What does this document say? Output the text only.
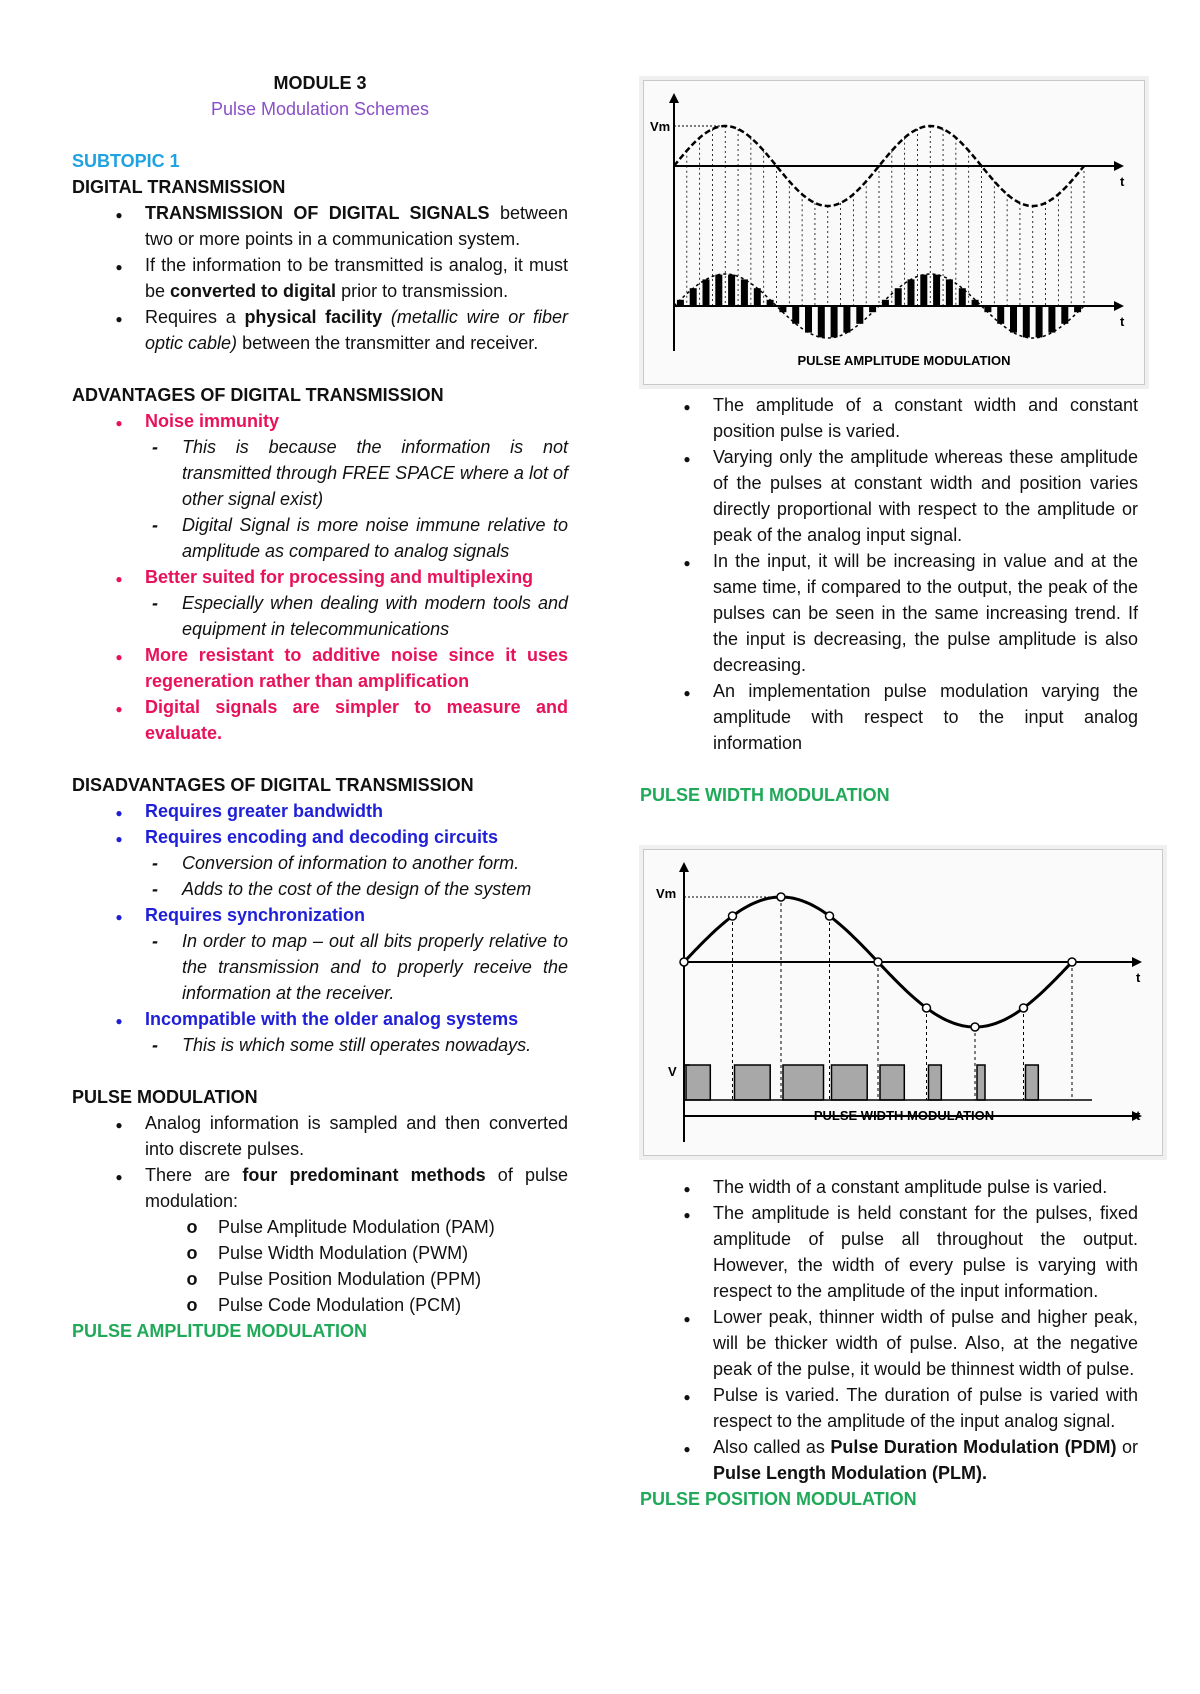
MODULE 3
Pulse Modulation Schemes
SUBTOPIC 1
DIGITAL TRANSMISSION
●
TRANSMISSION OF DIGITAL SIGNALS between two or more points in a communication system.
●
If the information to be transmitted is analog, it must be converted to digital prior to transmission.
●
Requires a physical facility (metallic wire or fiber optic cable) between the transmitter and receiver.
ADVANTAGES OF DIGITAL TRANSMISSION
●
Noise immunity
-
This is because the information is not transmitted through FREE SPACE where a lot of other signal exist)
-
Digital Signal is more noise immune relative to amplitude as compared to analog signals
●
Better suited for processing and multiplexing
-
Especially when dealing with modern tools and equipment in telecommunications
●
More resistant to additive noise since it uses regeneration rather than amplification
●
Digital signals are simpler to measure and evaluate.
DISADVANTAGES OF DIGITAL TRANSMISSION
●
Requires greater bandwidth
●
Requires encoding and decoding circuits
-
Conversion of information to another form.
-
Adds to the cost of the design of the system
●
Requires synchronization
-
In order to map – out all bits properly relative to the transmission and to properly receive the information at the receiver.
●
Incompatible with the older analog systems
-
This is which some still operates nowadays.
PULSE MODULATION
●
Analog information is sampled and then converted into discrete pulses.
●
There are four predominant methods of pulse modulation:
o
Pulse Amplitude Modulation (PAM)
o
Pulse Width Modulation (PWM)
o
Pulse Position Modulation (PPM)
o
Pulse Code Modulation (PCM)
PULSE AMPLITUDE MODULATION
Vm
t
t
PULSE AMPLITUDE MODULATION
●
The amplitude of a constant width and constant position pulse is varied.
●
Varying only the amplitude whereas these amplitude of the pulses at constant width and position varies directly proportional with respect to the amplitude or peak of the analog input signal.
●
In the input, it will be increasing in value and at the same time, if compared to the output, the peak of the pulses can be seen in the same increasing trend. If the input is decreasing, the pulse amplitude is also decreasing.
●
An implementation pulse modulation varying the amplitude with respect to the input analog information
PULSE WIDTH MODULATION
Vm
V
t
t
PULSE WIDTH MODULATION
●
The width of a constant amplitude pulse is varied.
●
The amplitude is held constant for the pulses, fixed amplitude of pulse all throughout the output. However, the width of every pulse is varying with respect to the amplitude of the input information.
●
Lower peak, thinner width of pulse and higher peak, will be thicker width of pulse. Also, at the negative peak of the pulse, it would be thinnest width of pulse.
●
Pulse is varied. The duration of pulse is varied with respect to the amplitude of the input analog signal.
●
Also called as Pulse Duration Modulation (PDM) or Pulse Length Modulation (PLM).
PULSE POSITION MODULATION
